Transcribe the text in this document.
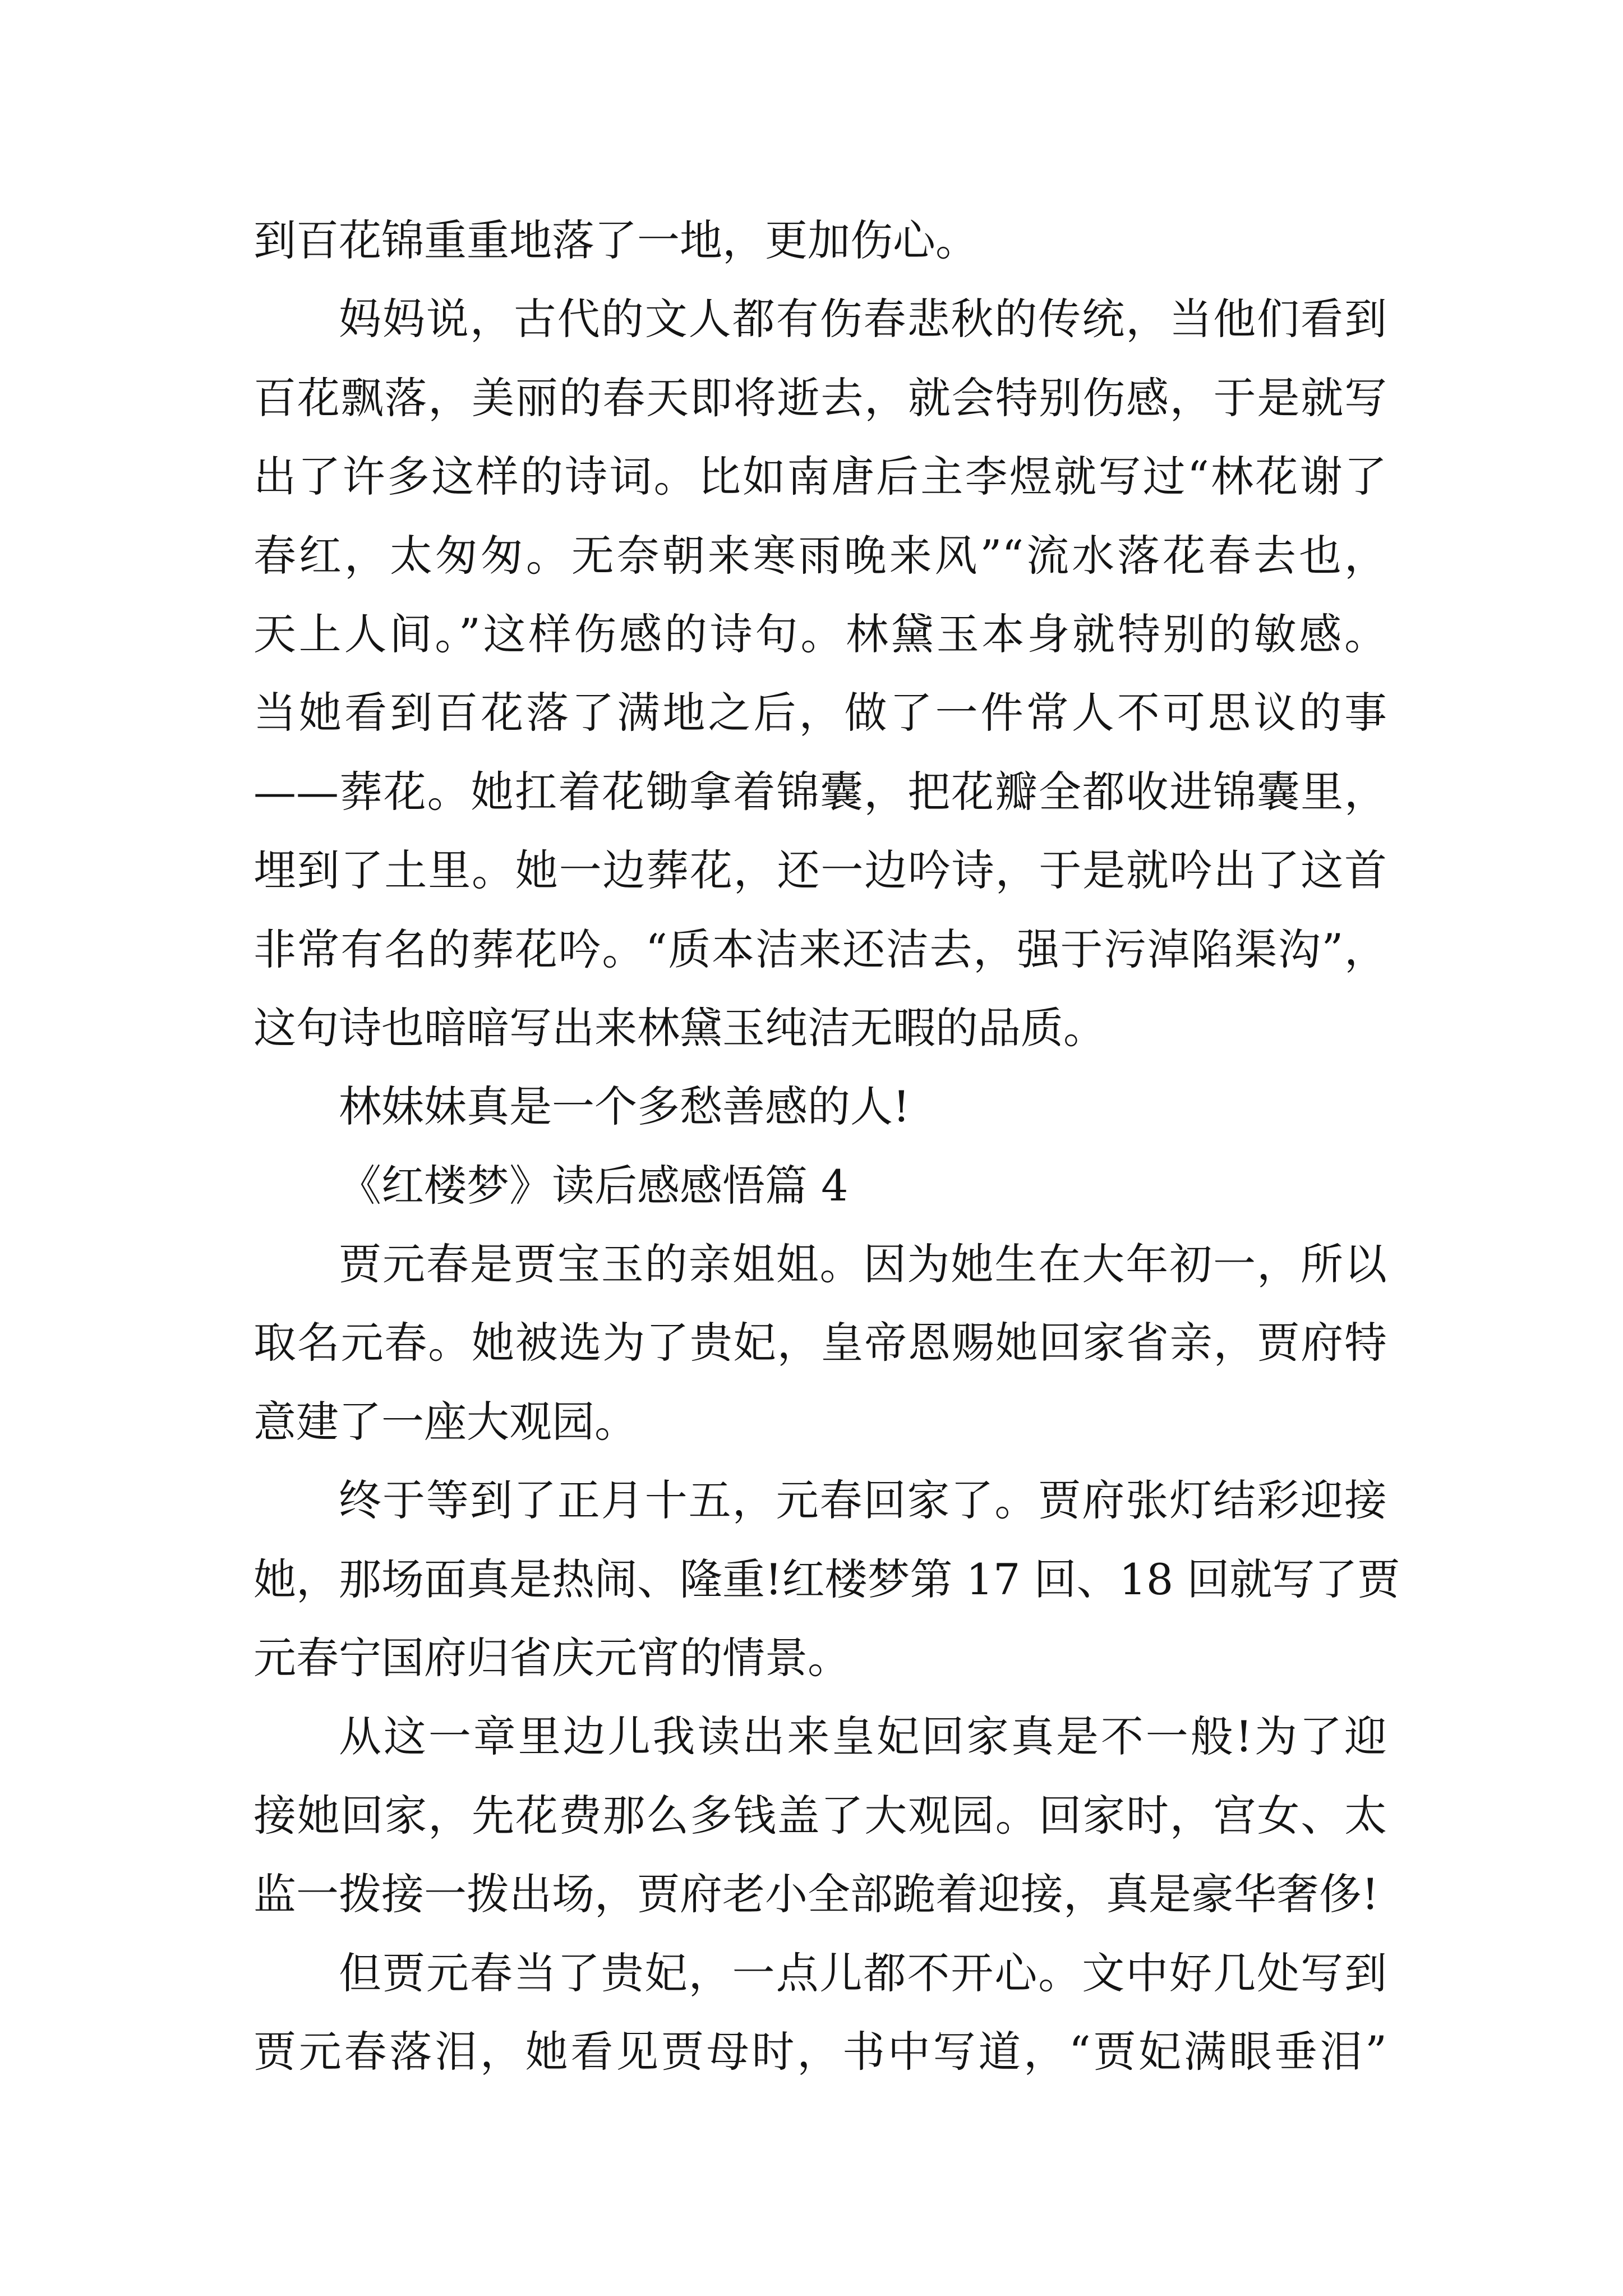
到百花锦重重地落了一地，更加伤心。
妈妈说，古代的文人都有伤春悲秋的传统，当他们看到
百花飘落，美丽的春天即将逝去，就会特别伤感，于是就写
出了许多这样的诗词。比如南唐后主李煜就写过“林花谢了
春红，太匆匆。无奈朝来寒雨晚来风”“流水落花春去也，
天上人间。”这样伤感的诗句。林黛玉本身就特别的敏感。
当她看到百花落了满地之后，做了一件常人不可思议的事
——葬花。她扛着花锄拿着锦囊，把花瓣全都收进锦囊里，
埋到了土里。她一边葬花，还一边吟诗，于是就吟出了这首
非常有名的葬花吟。“质本洁来还洁去，强于污淖陷渠沟”，
这句诗也暗暗写出来林黛玉纯洁无暇的品质。
林妹妹真是一个多愁善感的人!
《红楼梦》读后感感悟篇 4
贾元春是贾宝玉的亲姐姐。因为她生在大年初一，所以
取名元春。她被选为了贵妃，皇帝恩赐她回家省亲，贾府特
意建了一座大观园。
终于等到了正月十五，元春回家了。贾府张灯结彩迎接
她，那场面真是热闹、隆重!红楼梦第 17 回、18 回就写了贾
元春宁国府归省庆元宵的情景。
从这一章里边儿我读出来皇妃回家真是不一般!为了迎
接她回家，先花费那么多钱盖了大观园。回家时，宫女、太
监一拨接一拨出场，贾府老小全部跪着迎接，真是豪华奢侈!
但贾元春当了贵妃，一点儿都不开心。文中好几处写到
贾元春落泪，她看见贾母时，书中写道，“贾妃满眼垂泪”
